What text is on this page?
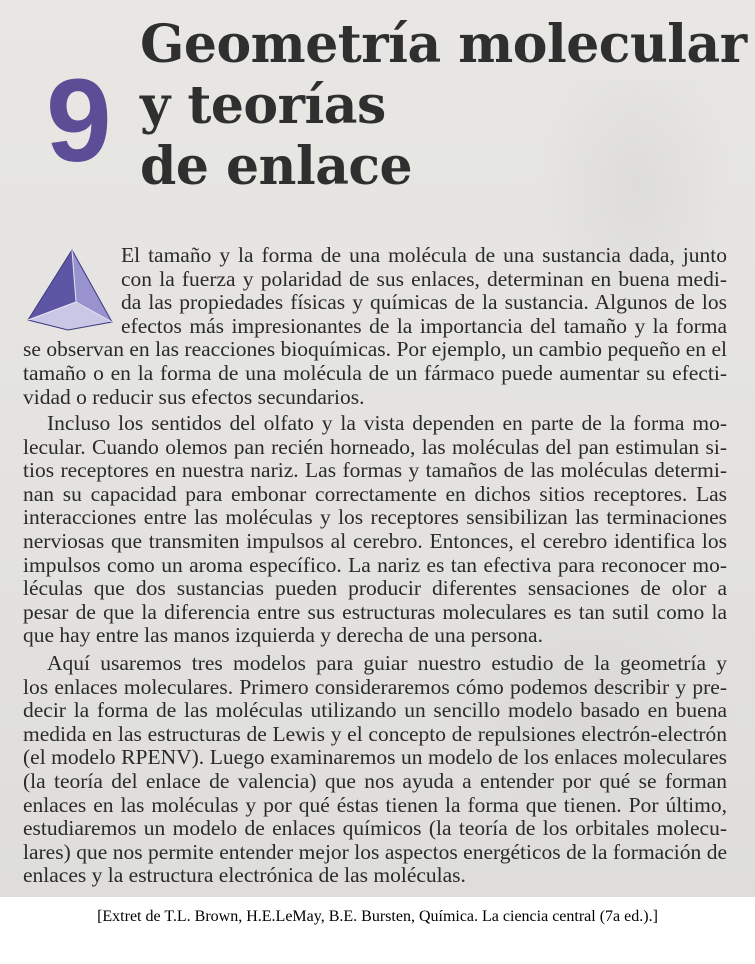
9
Geometría molecular
y teorías
de enlace
El tamaño y la forma de una molécula de una sustancia dada, junto
con la fuerza y polaridad de sus enlaces, determinan en buena medi-
da las propiedades físicas y químicas de la sustancia. Algunos de los
efectos más impresionantes de la importancia del tamaño y la forma
se observan en las reacciones bioquímicas. Por ejemplo, un cambio pequeño en el
tamaño o en la forma de una molécula de un fármaco puede aumentar su efecti-
vidad o reducir sus efectos secundarios.
Incluso los sentidos del olfato y la vista dependen en parte de la forma mo-
lecular. Cuando olemos pan recién horneado, las moléculas del pan estimulan si-
tios receptores en nuestra nariz. Las formas y tamaños de las moléculas determi-
nan su capacidad para embonar correctamente en dichos sitios receptores. Las
interacciones entre las moléculas y los receptores sensibilizan las terminaciones
nerviosas que transmiten impulsos al cerebro. Entonces, el cerebro identifica los
impulsos como un aroma específico. La nariz es tan efectiva para reconocer mo-
léculas que dos sustancias pueden producir diferentes sensaciones de olor a
pesar de que la diferencia entre sus estructuras moleculares es tan sutil como la
que hay entre las manos izquierda y derecha de una persona.
Aquí usaremos tres modelos para guiar nuestro estudio de la geometría y
los enlaces moleculares. Primero consideraremos cómo podemos describir y pre-
decir la forma de las moléculas utilizando un sencillo modelo basado en buena
medida en las estructuras de Lewis y el concepto de repulsiones electrón-electrón
(el modelo RPENV). Luego examinaremos un modelo de los enlaces moleculares
(la teoría del enlace de valencia) que nos ayuda a entender por qué se forman
enlaces en las moléculas y por qué éstas tienen la forma que tienen. Por último,
estudiaremos un modelo de enlaces químicos (la teoría de los orbitales molecu-
lares) que nos permite entender mejor los aspectos energéticos de la formación de
enlaces y la estructura electrónica de las moléculas.
[Extret de T.L. Brown, H.E.LeMay, B.E. Bursten, Química. La ciencia central (7a ed.).]
